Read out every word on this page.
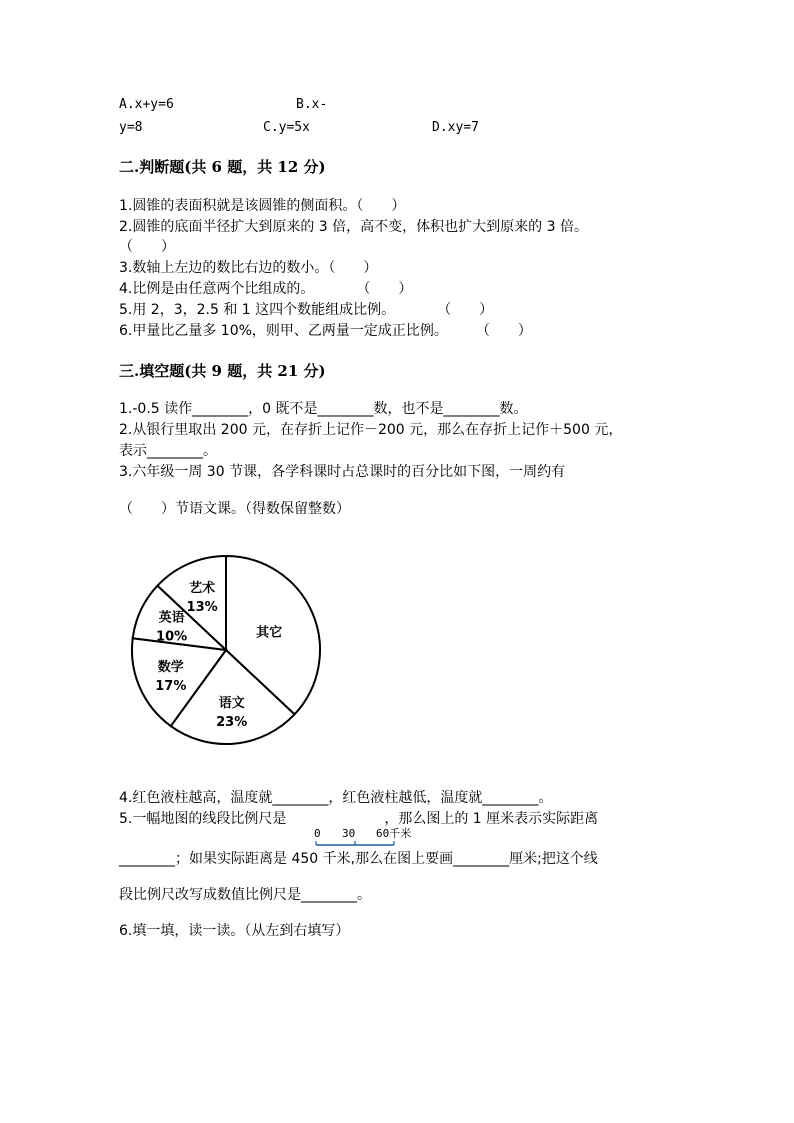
A.x+y=6	B.x-
y=8	C.y=5x	D.xy=7
二.判断题(共 6 题，共 12 分)
1.圆锥的表面积就是该圆锥的侧面积。（　　）
2.圆锥的底面半径扩大到原来的 3 倍，高不变，体积也扩大到原来的 3 倍。
（　　）
3.数轴上左边的数比右边的数小。（　　）
4.比例是由任意两个比组成的。　　　　（　　）
5.用 2，3，2.5 和 1 这四个数能组成比例。　　　　（　　）
6.甲量比乙量多 10%，则甲、乙两量一定成正比例。　　　（　　）
三.填空题(共 9 题，共 21 分)
1.-0.5 读作________，0 既不是________数，也不是________数。
2.从银行里取出 200 元，在存折上记作－200 元，那么在存折上记作＋500 元，
表示________。
3.六年级一周 30 节课，各学科课时占总课时的百分比如下图，一周约有
（　　）节语文课。（得数保留整数）
其它
语文
23%
数学
17%
英语
10%
艺术
13%
4.红色液柱越高，温度就________，红色液柱越低，温度就________。
5.一幅地图的线段比例尺是　　　　　　　，那么图上的 1 厘米表示实际距离
0 30 60千米
________；如果实际距离是 450 千米,那么在图上要画________厘米;把这个线
段比例尺改写成数值比例尺是________。
6.填一填，读一读。（从左到右填写）
